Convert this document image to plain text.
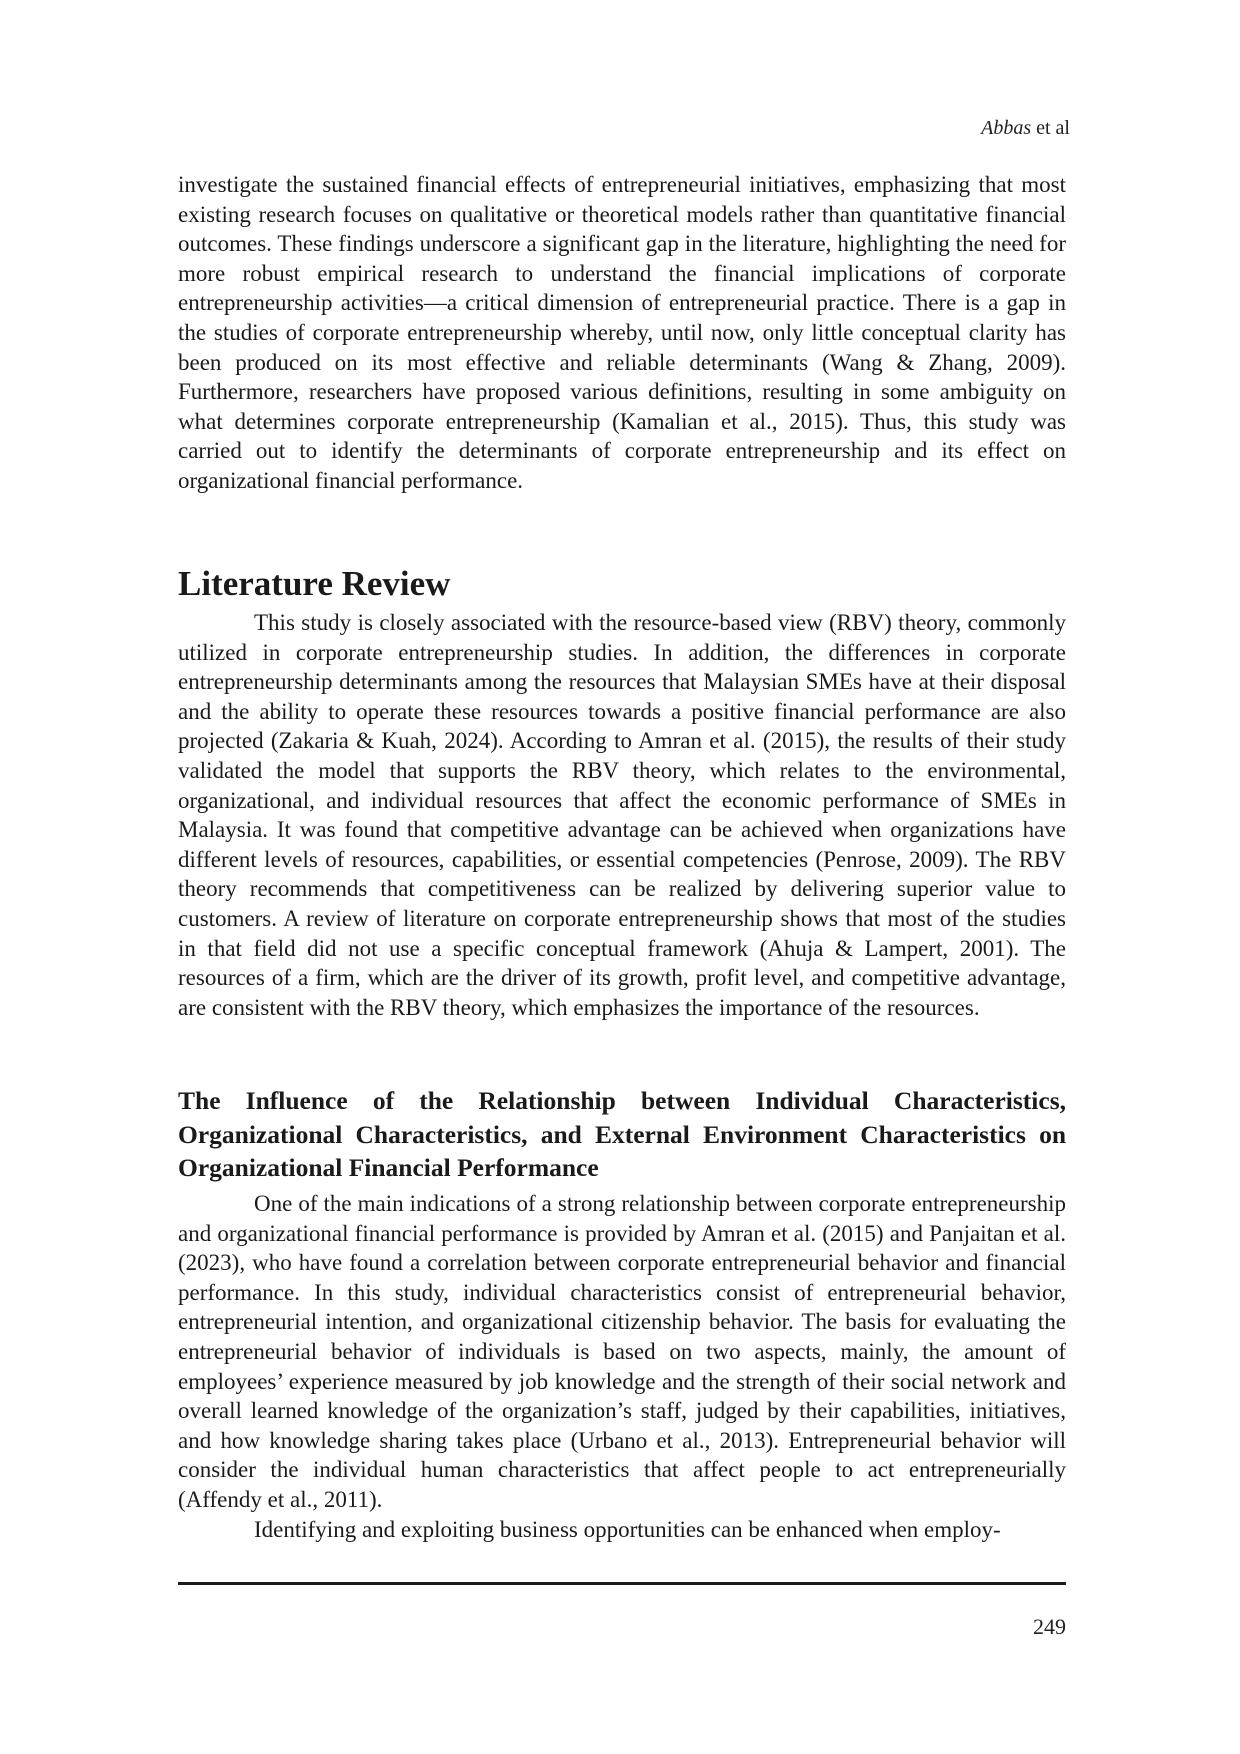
Abbas et al

investigate the sustained financial effects of entrepreneurial initiatives, emphasizing that most existing research focuses on qualitative or theoretical models rather than quantitative financial outcomes. These findings underscore a significant gap in the literature, highlighting the need for more robust empirical research to understand the financial implications of corporate entrepreneurship activities—a critical dimension of entrepreneurial practice. There is a gap in the studies of corporate entrepreneurship whereby, until now, only little conceptual clarity has been produced on its most effective and reliable determinants (Wang & Zhang, 2009). Furthermore, researchers have proposed various definitions, resulting in some ambiguity on what determines corporate entrepreneurship (Kamalian et al., 2015). Thus, this study was carried out to identify the determinants of corporate entrepreneurship and its effect on organizational financial performance.

Literature Review

This study is closely associated with the resource-based view (RBV) theory, commonly utilized in corporate entrepreneurship studies. In addition, the differences in corporate entrepreneurship determinants among the resources that Malaysian SMEs have at their disposal and the ability to operate these resources towards a positive financial performance are also projected (Zakaria & Kuah, 2024). According to Amran et al. (2015), the results of their study validated the model that supports the RBV theory, which relates to the environmental, organizational, and individual resources that affect the economic performance of SMEs in Malaysia. It was found that competitive advantage can be achieved when organizations have different levels of resources, capabilities, or essential competencies (Penrose, 2009). The RBV theory recommends that competitiveness can be realized by delivering superior value to customers. A review of literature on corporate entrepreneurship shows that most of the studies in that field did not use a specific conceptual framework (Ahuja & Lampert, 2001). The resources of a firm, which are the driver of its growth, profit level, and competitive advantage, are consistent with the RBV theory, which emphasizes the importance of the resources.

The Influence of the Relationship between Individual Characteristics, Organizational Characteristics, and External Environment Characteristics on Organizational Financial Performance

One of the main indications of a strong relationship between corporate entrepreneurship and organizational financial performance is provided by Amran et al. (2015) and Panjaitan et al. (2023), who have found a correlation between corporate entrepreneurial behavior and financial performance. In this study, individual characteristics consist of entrepreneurial behavior, entrepreneurial intention, and organizational citizenship behavior. The basis for evaluating the entrepreneurial behavior of individuals is based on two aspects, mainly, the amount of employees’ experience measured by job knowledge and the strength of their social network and overall learned knowledge of the organization’s staff, judged by their capabilities, initiatives, and how knowledge sharing takes place (Urbano et al., 2013). Entrepreneurial behavior will consider the individual human characteristics that affect people to act entrepreneurially (Affendy et al., 2011).

Identifying and exploiting business opportunities can be enhanced when employ-

249
